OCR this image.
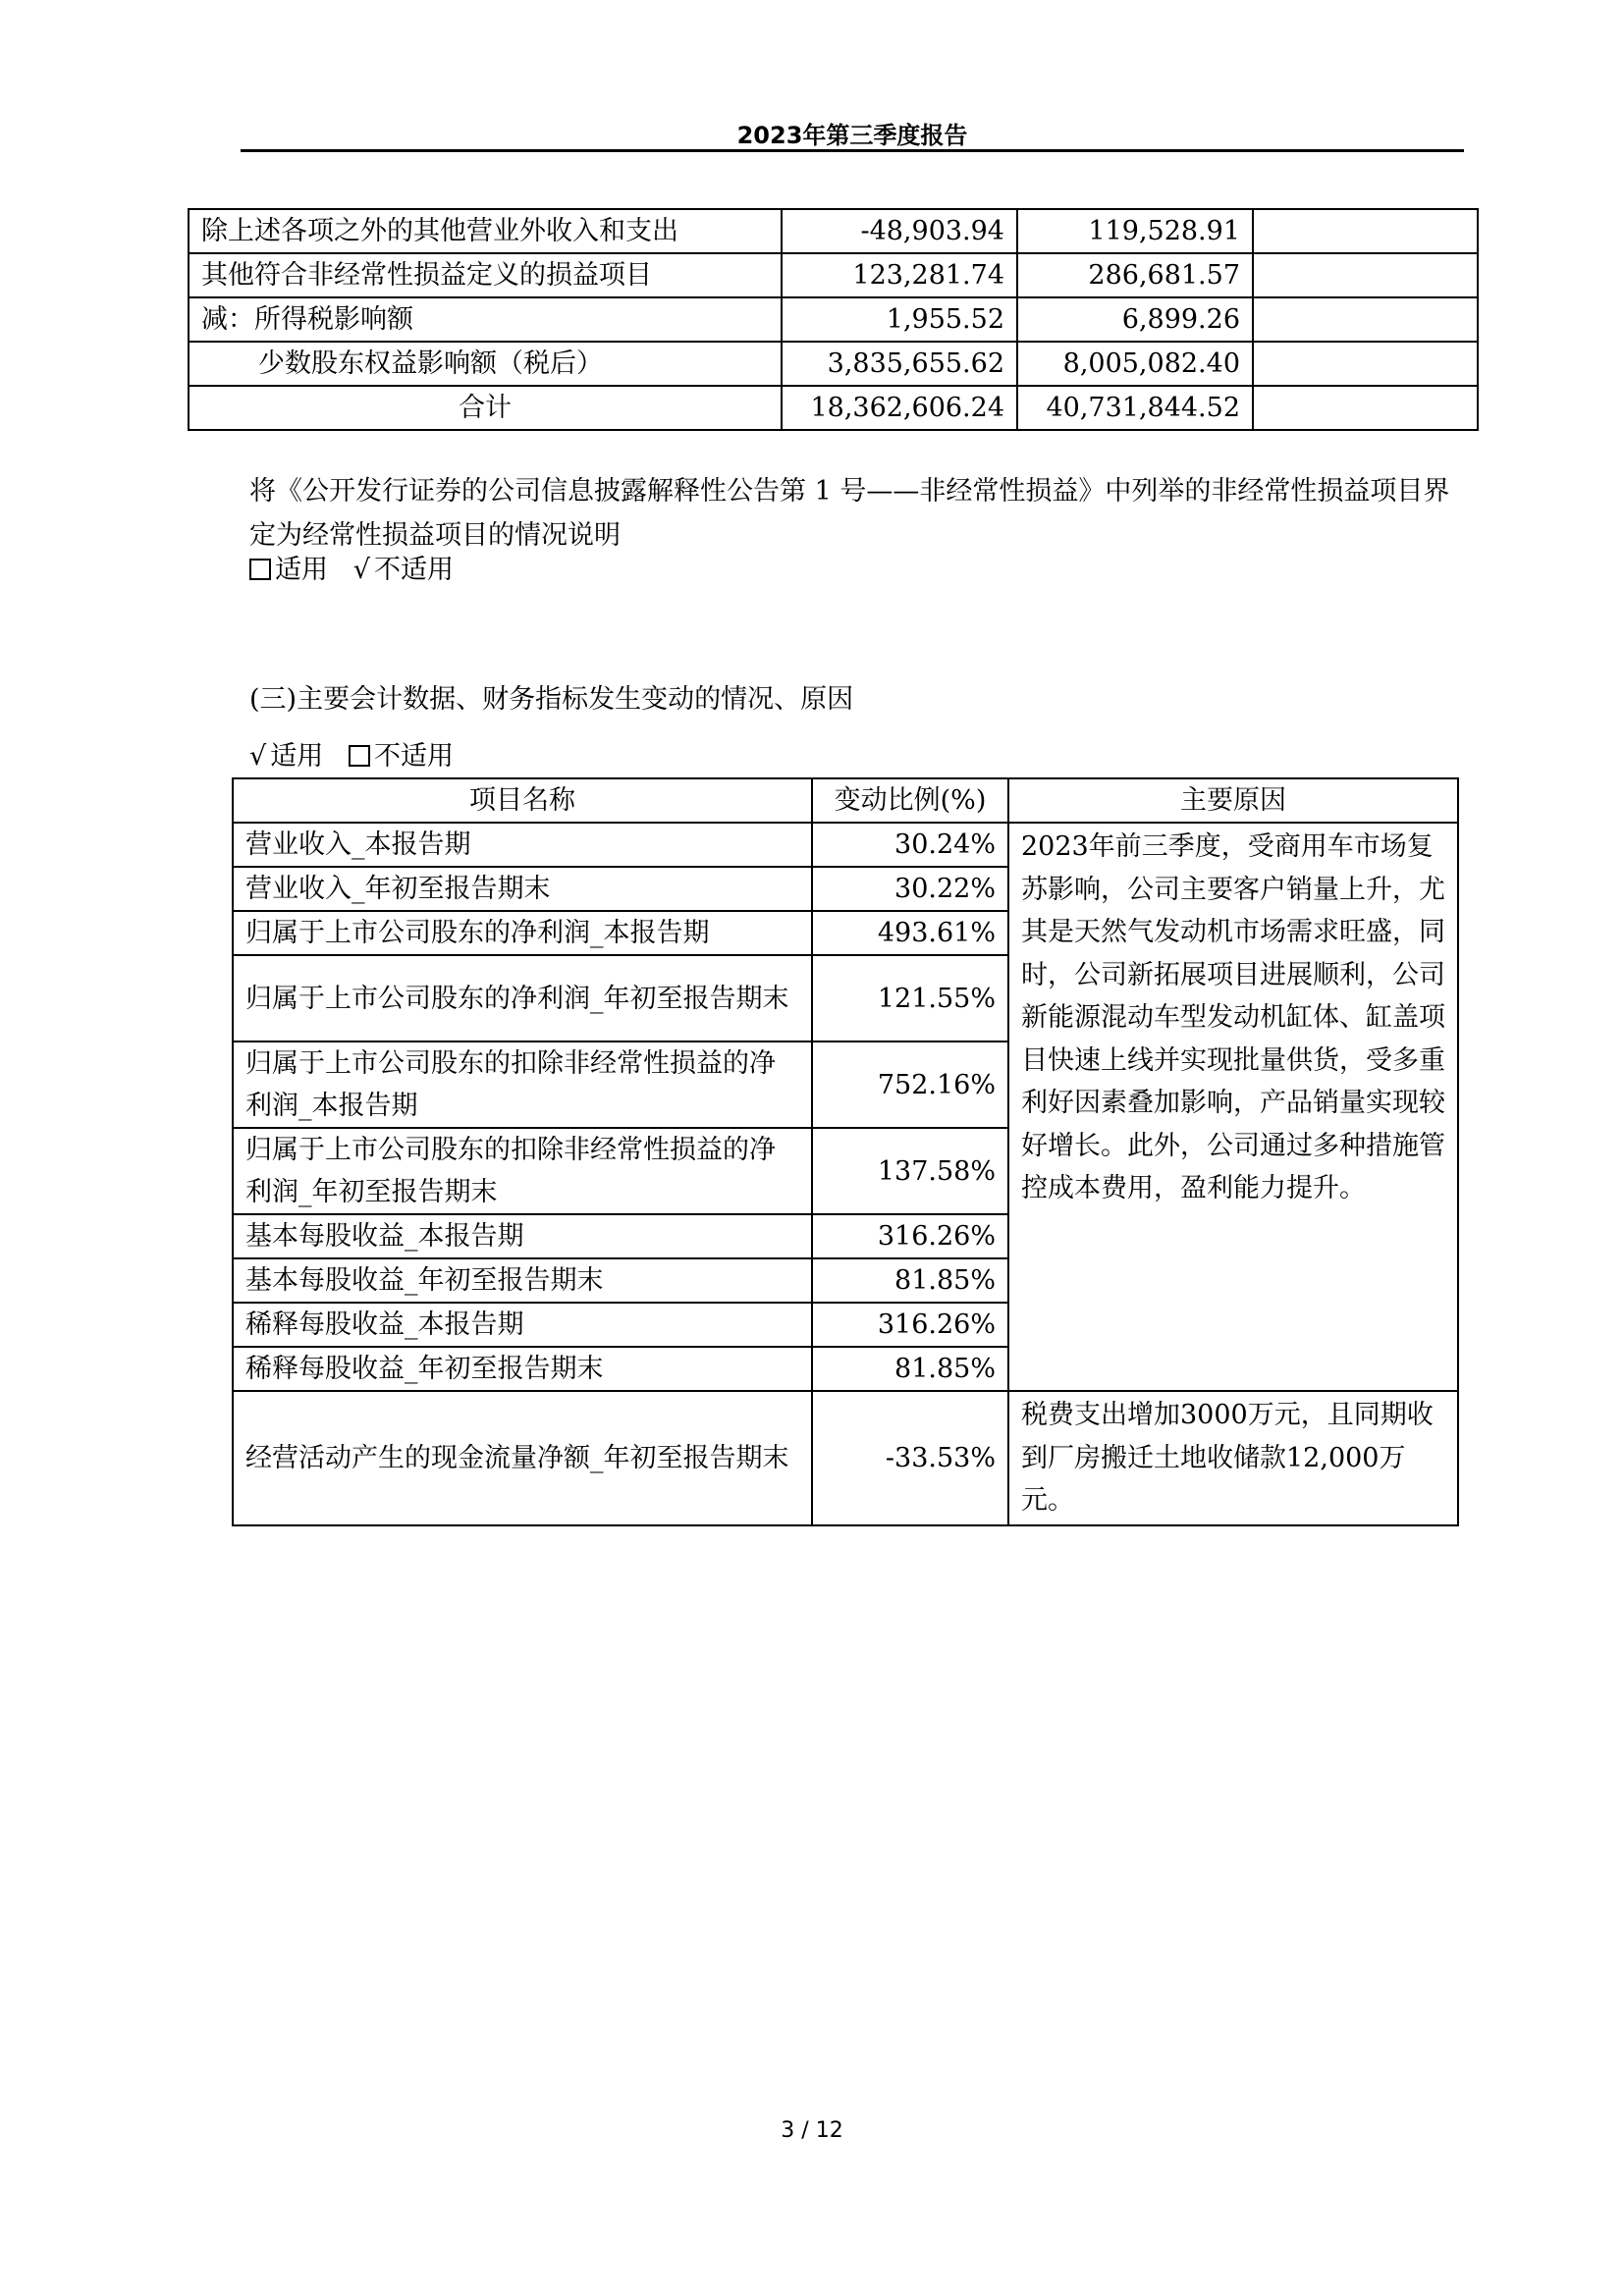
2023年第三季度报告
除上述各项之外的其他营业外收入和支出	-48,903.94	119,528.91	
其他符合非经常性损益定义的损益项目	123,281.74	286,681.57	
减：所得税影响额	1,955.52	6,899.26	
少数股东权益影响额（税后）	3,835,655.62	8,005,082.40	
合计	18,362,606.24	40,731,844.52	
将《公开发行证券的公司信息披露解释性公告第 1 号——非经常性损益》中列举的非经常性损益项目界定为经常性损益项目的情况说明
适用 √ 不适用
(三)主要会计数据、财务指标发生变动的情况、原因
√ 适用 不适用
项目名称	变动比例(%)	主要原因
营业收入_本报告期	30.24%	2023年前三季度，受商用车市场复苏影响，公司主要客户销量上升，尤其是天然气发动机市场需求旺盛，同时，公司新拓展项目进展顺利，公司新能源混动车型发动机缸体、缸盖项目快速上线并实现批量供货，受多重利好因素叠加影响，产品销量实现较好增长。此外，公司通过多种措施管控成本费用，盈利能力提升。
营业收入_年初至报告期末	30.22%	
归属于上市公司股东的净利润_本报告期	493.61%	
归属于上市公司股东的净利润_年初至报告期末	121.55%	
归属于上市公司股东的扣除非经常性损益的净利润_本报告期	752.16%	
归属于上市公司股东的扣除非经常性损益的净利润_年初至报告期末	137.58%	
基本每股收益_本报告期	316.26%	
基本每股收益_年初至报告期末	81.85%	
稀释每股收益_本报告期	316.26%	
稀释每股收益_年初至报告期末	81.85%	
经营活动产生的现金流量净额_年初至报告期末	-33.53%	税费支出增加3000万元，且同期收到厂房搬迁土地收储款12,000万元。
3 / 12
